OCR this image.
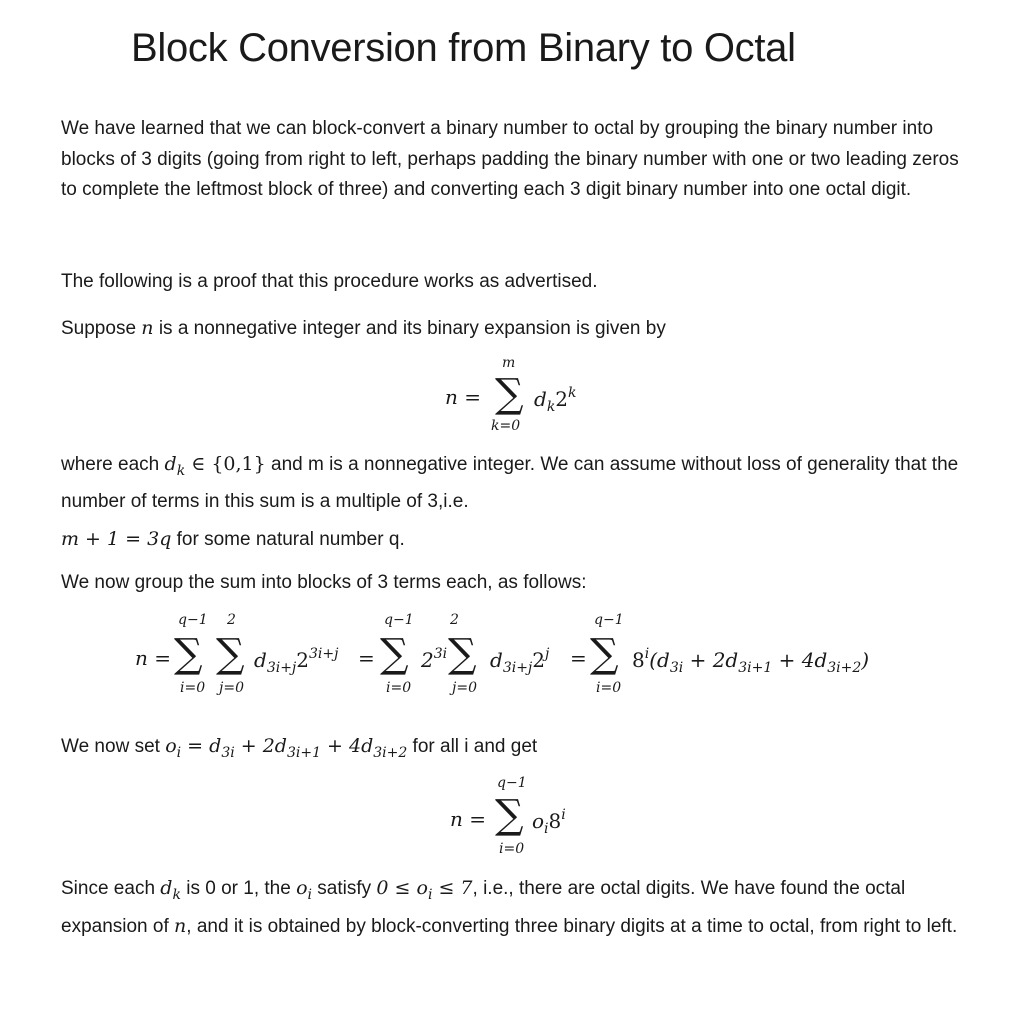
Block Conversion from Binary to Octal

We have learned that we can block-convert a binary number to octal by grouping the binary number into blocks of 3 digits (going from right to left, perhaps padding the binary number with one or two leading zeros to complete the leftmost block of three) and converting each 3 digit binary number into one octal digit.

The following is a proof that this procedure works as advertised.

Suppose n is a nonnegative integer and its binary expansion is given by

n =
m
∑
k=0
$d_k2^k$

where each $d_k$ ∈ {0,1} and m is a nonnegative integer. We can assume without loss of generality that the number of terms in this sum is a multiple of 3,i.e.

m + 1 = 3q for some natural number q.

We now group the sum into blocks of 3 terms each, as follows:

n =
q−1
∑
i=0
2
∑
j=0
$d_{3i+j}2^{3i+j}$ =
q−1
∑
i=0
$2^{3i}$
2
∑
j=0
$d_{3i+j}2^j$ =
q−1
∑
i=0
$8^i(d_{3i} + 2d_{3i+1} + 4d_{3i+2})$

We now set $o_i = d_{3i} + 2d_{3i+1} + 4d_{3i+2}$ for all i and get

n =
q−1
∑
i=0
$o_i8^i$

Since each $d_k$ is 0 or 1, the $o_i$ satisfy $0 \le o_i \le 7$, i.e., there are octal digits. We have found the octal expansion of n, and it is obtained by block-converting three binary digits at a time to octal, from right to left.
